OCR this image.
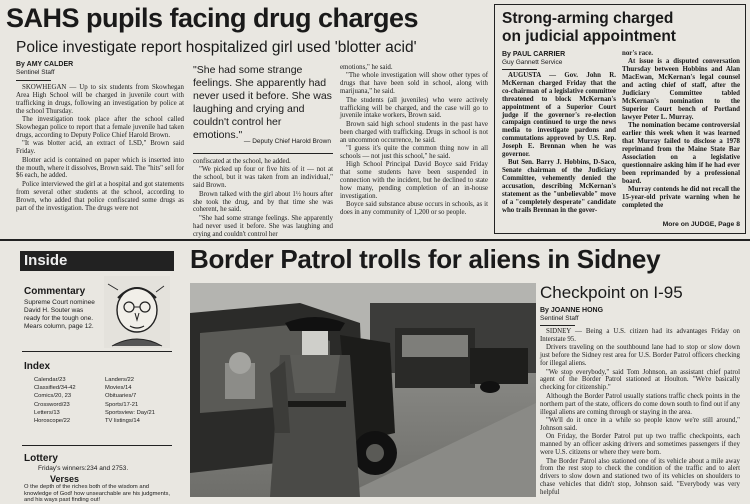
SAHS pupils facing drug charges
Police investigate report hospitalized girl used 'blotter acid'
By AMY CALDER
Sentinel Staff

SKOWHEGAN — Up to six students from Skowhegan Area High School will be charged in juvenile court with trafficking in drugs, following an investigation by police at the school Thursday.

The investigation took place after the school called Skowhegan police to report that a female juvenile had taken drugs, according to Deputy Police Chief Harold Brown.

"It was blotter acid, an extract of LSD," Brown said Friday.

Blotter acid is contained on paper which is inserted into the mouth, where it dissolves, Brown said. The "hits" sell for $6 each, he added.

Police interviewed the girl at a hospital and got statements from several other students at the school, according to Brown, who added that police confiscated some drugs as part of the investigation. The drugs were not

"She had some strange feelings. She apparently had never used it before. She was laughing and crying and couldn't control her emotions."
— Deputy Chief Harold Brown

confiscated at the school, he added.

"We picked up four or five hits of it — not at the school, but it was taken from an individual," said Brown.

Brown talked with the girl about 1½ hours after she took the drug, and by that time she was coherent, he said.

"She had some strange feelings. She apparently had never used it before. She was laughing and crying and couldn't control her

emotions," he said.

"The whole investigation will show other types of drugs that have been sold in school, along with marijuana," he said.

The students (all juveniles) who were actively trafficking will be charged, and the case will go to juvenile intake workers, Brown said.

Brown said high school students in the past have been charged with trafficking. Drugs in school is not an uncommon occurrence, he said.

"I guess it's quite the common thing now in all schools — not just this school," he said.

High School Principal David Boyce said Friday that some students have been suspended in connection with the incident, but he declined to state how many, pending completion of an in-house investigation.

Boyce said substance abuse occurs in schools, as it does in any community of 1,200 or so people.

Strong-arming charged
on judicial appointment
By PAUL CARRIER
Guy Gannett Service

AUGUSTA — Gov. John R. McKernan charged Friday that the co-chairman of a legislative committee threatened to block McKernan's appointment of a Superior Court judge if the governor's re-election campaign continued to urge the news media to investigate pardons and commutations approved by U.S. Rep. Joseph E. Brennan when he was governor.

But Sen. Barry J. Hobbins, D-Saco, Senate chairman of the Judiciary Committee, vehemently denied the accusation, describing McKernan's statement as the "unbelievable" move of a "completely desperate" candidate who trails Brennan in the gover-

nor's race.

At issue is a disputed conversation Thursday between Hobbins and Alan MacEwan, McKernan's legal counsel and acting chief of staff, after the Judiciary Committee tabled McKernan's nomination to the Superior Court bench of Portland lawyer Peter L. Murray.

The nomination became controversial earlier this week when it was learned that Murray failed to disclose a 1978 reprimand from the Maine State Bar Association on a legislative questionnaire asking him if he had ever been reprimanded by a professional board.

Murray contends he did not recall the 15-year-old private warning when he completed the

More on JUDGE, Page 8
Inside
Commentary
Supreme Court nominee David H. Souter was ready for the tough one. Mears column, page 12.
Index
Calendar/23	Landers/22
Classified/34-42	Movies/14
Comics/20, 23	Obituaries/7
Crossword/23	Sports/17-21
Letters/13	Sportsview: Day/21
Horoscope/22	TV listings/14
Lottery
Friday's winners:234 and 2753.
Verses
O the depth of the riches both of the wisdom and knowledge of God! how unsearchable are his judgments, and his ways past finding out!
Border Patrol trolls for aliens in Sidney
Checkpoint on I-95
By JOANNE HONG
Sentinel Staff

SIDNEY — Being a U.S. citizen had its advantages Friday on Interstate 95.

Drivers traveling on the southbound lane had to stop or slow down just before the Sidney rest area for U.S. Border Patrol officers checking for illegal aliens.

"We stop everybody," said Tom Johnson, an assistant chief patrol agent of the Border Patrol stationed at Houlton. "We're basically checking for citizenship."

Although the Border Patrol usually stations traffic check points in the northern part of the state, officers do come down south to find out if any illegal aliens are coming through or staying in the area.

"We'll do it once in a while so people know we're still around," Johnson said.

On Friday, the Border Patrol put up two traffic checkpoints, each manned by an officer asking drivers and sometimes passengers if they were U.S. citizens or where they were born.

The Border Patrol also stationed one of its vehicle about a mile away from the rest stop to check the condition of the traffic and to alert drivers to slow down and stationed two of its vehicles on shoulders to chase vehicles that didn't stop, Johnson said. "Everybody was very helpful
